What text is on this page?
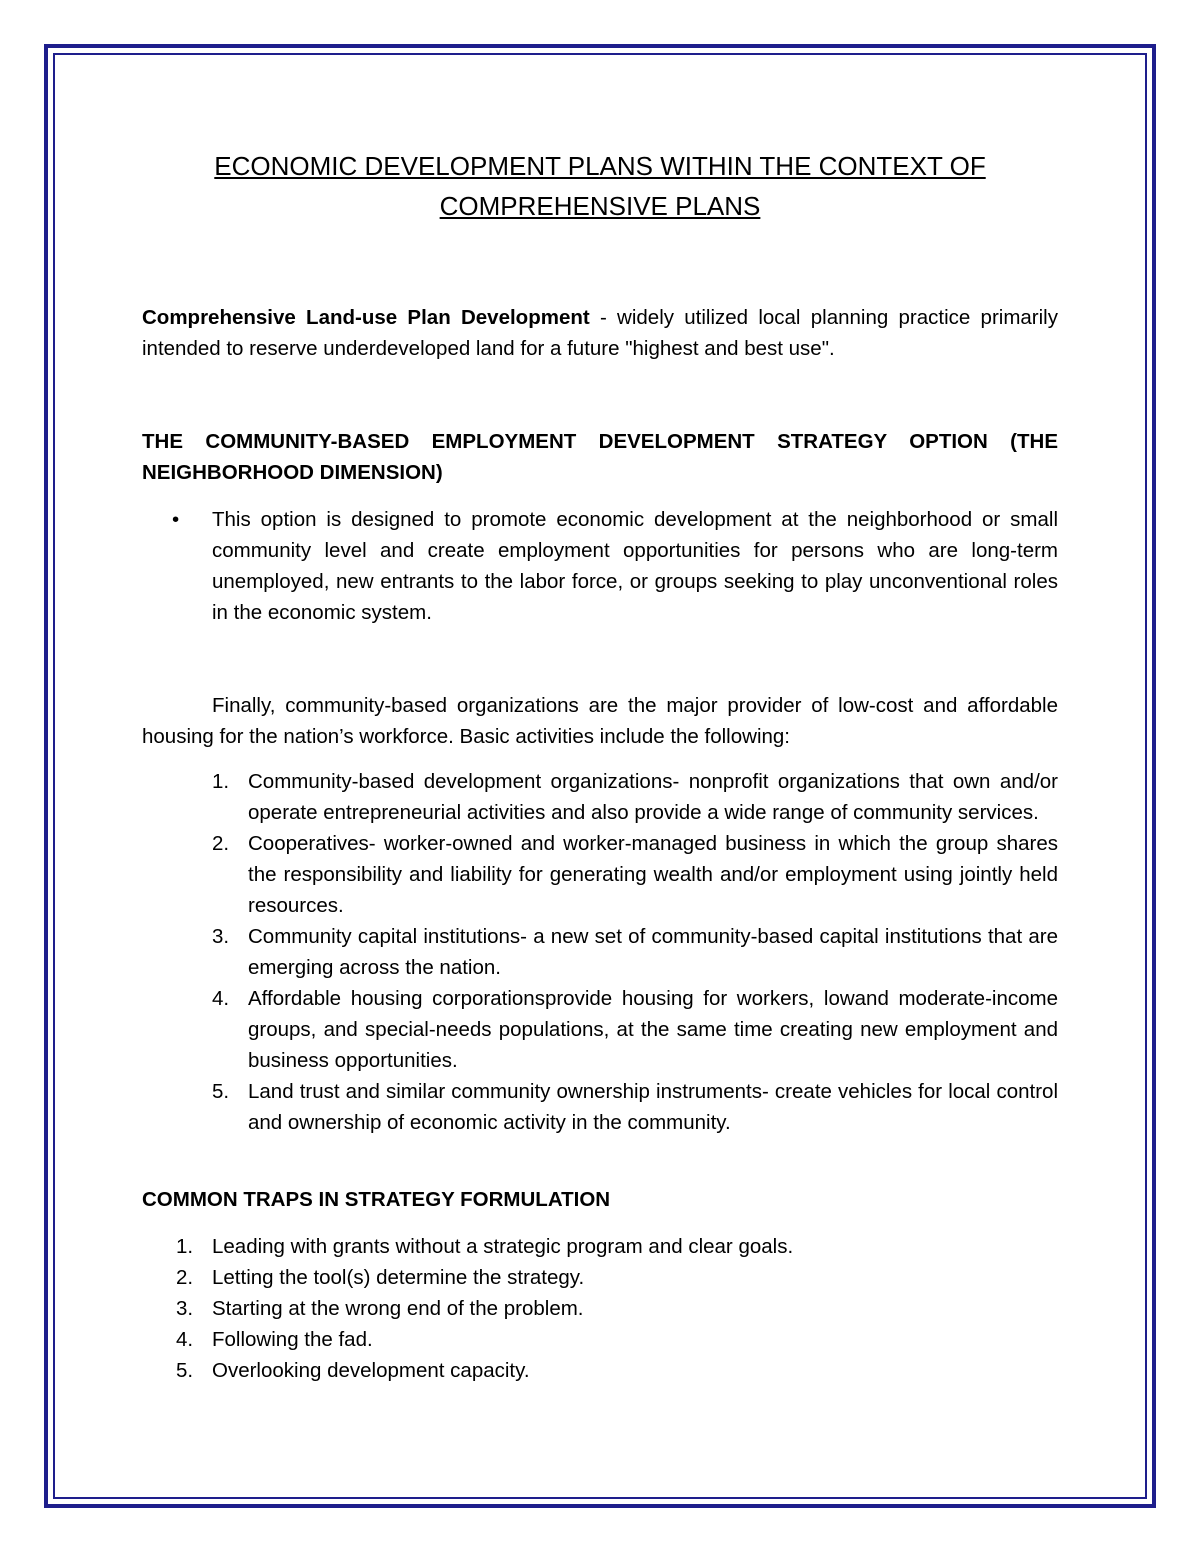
ECONOMIC DEVELOPMENT PLANS WITHIN THE CONTEXT OF
COMPREHENSIVE PLANS

Comprehensive Land-use Plan Development - widely utilized local planning practice primarily intended to reserve underdeveloped land for a future "highest and best use".

THE COMMUNITY-BASED EMPLOYMENT DEVELOPMENT STRATEGY OPTION (THE
NEIGHBORHOOD DIMENSION)
• This option is designed to promote economic development at the neighborhood or small community level and create employment opportunities for persons who are long-term unemployed, new entrants to the labor force, or groups seeking to play unconventional roles in the economic system.

Finally, community-based organizations are the major provider of low-cost and affordable housing for the nation’s workforce. Basic activities include the following:

1. Community-based development organizations- nonprofit organizations that own and/or operate entrepreneurial activities and also provide a wide range of community services.
2. Cooperatives- worker-owned and worker-managed business in which the group shares the responsibility and liability for generating wealth and/or employment using jointly held resources.
3. Community capital institutions- a new set of community-based capital institutions that are emerging across the nation.
4. Affordable housing corporationsprovide housing for workers, lowand moderate-income groups, and special-needs populations, at the same time creating new employment and business opportunities.
5. Land trust and similar community ownership instruments- create vehicles for local control and ownership of economic activity in the community.
COMMON TRAPS IN STRATEGY FORMULATION
1. Leading with grants without a strategic program and clear goals.
2. Letting the tool(s) determine the strategy.
3. Starting at the wrong end of the problem.
4. Following the fad.
5. Overlooking development capacity.
